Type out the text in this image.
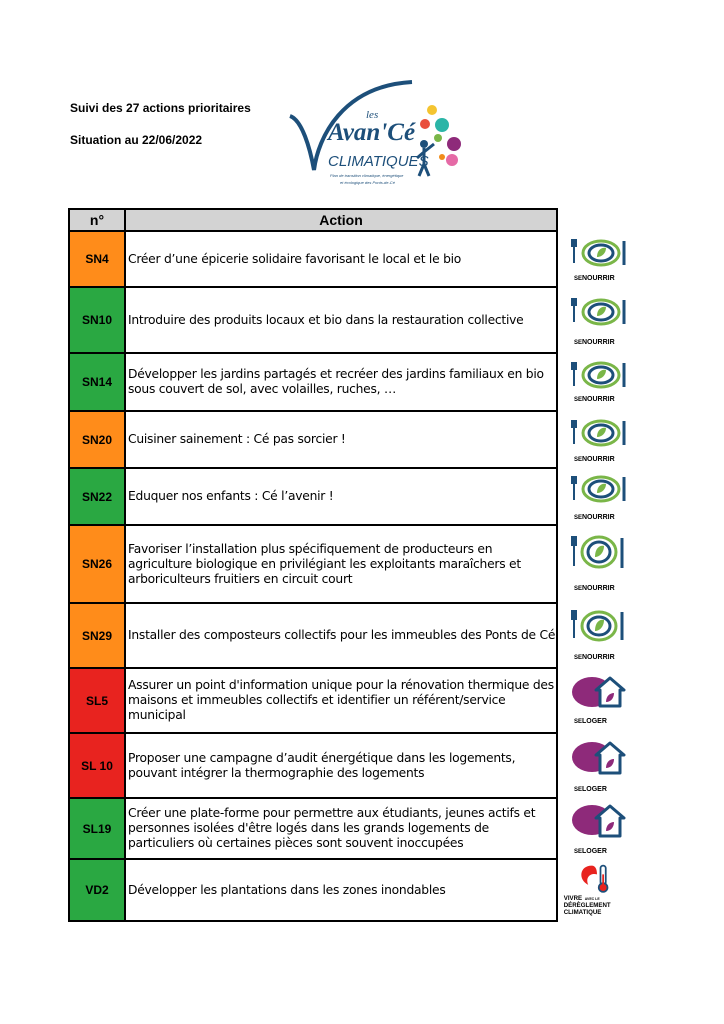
Suivi des 27 actions prioritaires
Situation au 22/06/2022
les
Avan'Cé
CLIMATIQUES
Plan de transition climatique, énergétique
et écologique des Ponts-de-Cé
n°	Action
SN4	Créer d’une épicerie solidaire favorisant le local et le bio
SN10	Introduire des produits locaux et bio dans la restauration collective
SN14	Développer les jardins partagés et recréer des jardins familiaux en bio sous couvert de sol, avec volailles, ruches, …
SN20	Cuisiner sainement : Cé pas sorcier !
SN22	Eduquer nos enfants : Cé l’avenir !
SN26	Favoriser l’installation plus spécifiquement de producteurs en agriculture biologique en privilégiant les exploitants maraîchers et arboriculteurs fruitiers en circuit court
SN29	Installer des composteurs collectifs pour les immeubles des Ponts de Cé
SL5	Assurer un point d'information unique pour la rénovation thermique des maisons et immeubles collectifs et identifier un référent/service municipal
SL 10	Proposer une campagne d’audit énergétique dans les logements, pouvant intégrer la thermographie des logements
SL19	Créer une plate-forme pour permettre aux étudiants, jeunes actifs et personnes isolées d'être logés dans les grands logements de particuliers où certaines pièces sont souvent inoccupées
VD2	Développer les plantations dans les zones inondables
SE NOURRIR
SE NOURRIR
SE NOURRIR
SE NOURRIR
SE NOURRIR
SE NOURRIR
SE NOURRIR
SE LOGER
SE LOGER
SE LOGER
VIVRE AVEC LE
DÉRÈGLEMENT
CLIMATIQUE
